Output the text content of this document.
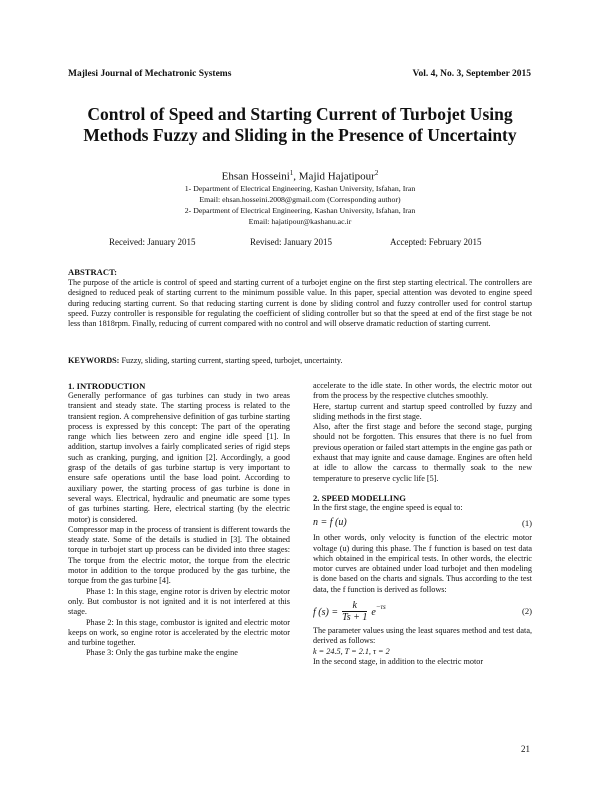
Majlesi Journal of Mechatronic Systems	Vol. 4, No. 3, September 2015
Control of Speed and Starting Current of Turbojet Using
Methods Fuzzy and Sliding in the Presence of Uncertainty
Ehsan Hosseini$^1$, Majid Hajatipour$^2$
1- Department of Electrical Engineering, Kashan University, Isfahan, Iran
Email: ehsan.hosseini.2008@gmail.com (Corresponding author)
2- Department of Electrical Engineering, Kashan University, Isfahan, Iran
Email: hajatipour@kashanu.ac.ir
Received: January 2015	Revised: January 2015	Accepted: February 2015
ABSTRACT:
The purpose of the article is control of speed and starting current of a turbojet engine on the first step starting electrical. The controllers are designed to reduced peak of starting current to the minimum possible value. In this paper, special attention was devoted to engine speed during reducing starting current. So that reducing starting current is done by sliding control and fuzzy controller used for control startup speed. Fuzzy controller is responsible for regulating the coefficient of sliding controller but so that the speed at end of the first stage be not less than 1818rpm. Finally, reducing of current compared with no control and will observe dramatic reduction of starting current.
KEYWORDS: Fuzzy, sliding, starting current, starting speed, turbojet, uncertainty.
1. INTRODUCTION
Generally performance of gas turbines can study in two areas transient and steady state. The starting process is related to the transient region. A comprehensive definition of gas turbine starting process is expressed by this concept: The part of the operating range which lies between zero and engine idle speed [1]. In addition, startup involves a fairly complicated series of rigid steps such as cranking, purging, and ignition [2]. Accordingly, a good grasp of the details of gas turbine startup is very important to ensure safe operations until the base load point. According to auxiliary power, the starting process of gas turbine is done in several ways. Electrical, hydraulic and pneumatic are some types of gas turbines starting. Here, electrical starting (by the electric motor) is considered.
Compressor map in the process of transient is different towards the steady state. Some of the details is studied in [3]. The obtained torque in turbojet start up process can be divided into three stages: The torque from the electric motor, the torque from the electric motor in addition to the torque produced by the gas turbine, the torque from the gas turbine [4].
Phase 1: In this stage, engine rotor is driven by electric motor only. But combustor is not ignited and it is not interfered at this stage.
Phase 2: In this stage, combustor is ignited and electric motor keeps on work, so engine rotor is accelerated by the electric motor and turbine together.
Phase 3: Only the gas turbine make the engine
accelerate to the idle state. In other words, the electric motor out from the process by the respective clutches smoothly.
Here, startup current and startup speed controlled by fuzzy and sliding methods in the first stage.
Also, after the first stage and before the second stage, purging should not be forgotten. This ensures that there is no fuel from previous operation or failed start attempts in the engine gas path or exhaust that may ignite and cause damage. Engines are often held at idle to allow the carcass to thermally soak to the new temperature to preserve cyclic life [5].
2. SPEED MODELLING
In the first stage, the engine speed is equal to:
n = f (u)	(1)
In other words, only velocity is function of the electric motor voltage (u) during this phase. The f function is based on test data which obtained in the empirical tests. In other words, the electric motor curves are obtained under load turbojet and then modeling is done based on the charts and signals. Thus according to the test data, the f function is derived as follows:
f $(s) = \frac{k}{Ts + 1} e^{-\tau s}$	(2)
The parameter values using the least squares method and test data, derived as follows:
k = 24.5, T = 2.1, τ = 2
In the second stage, in addition to the electric motor
21
